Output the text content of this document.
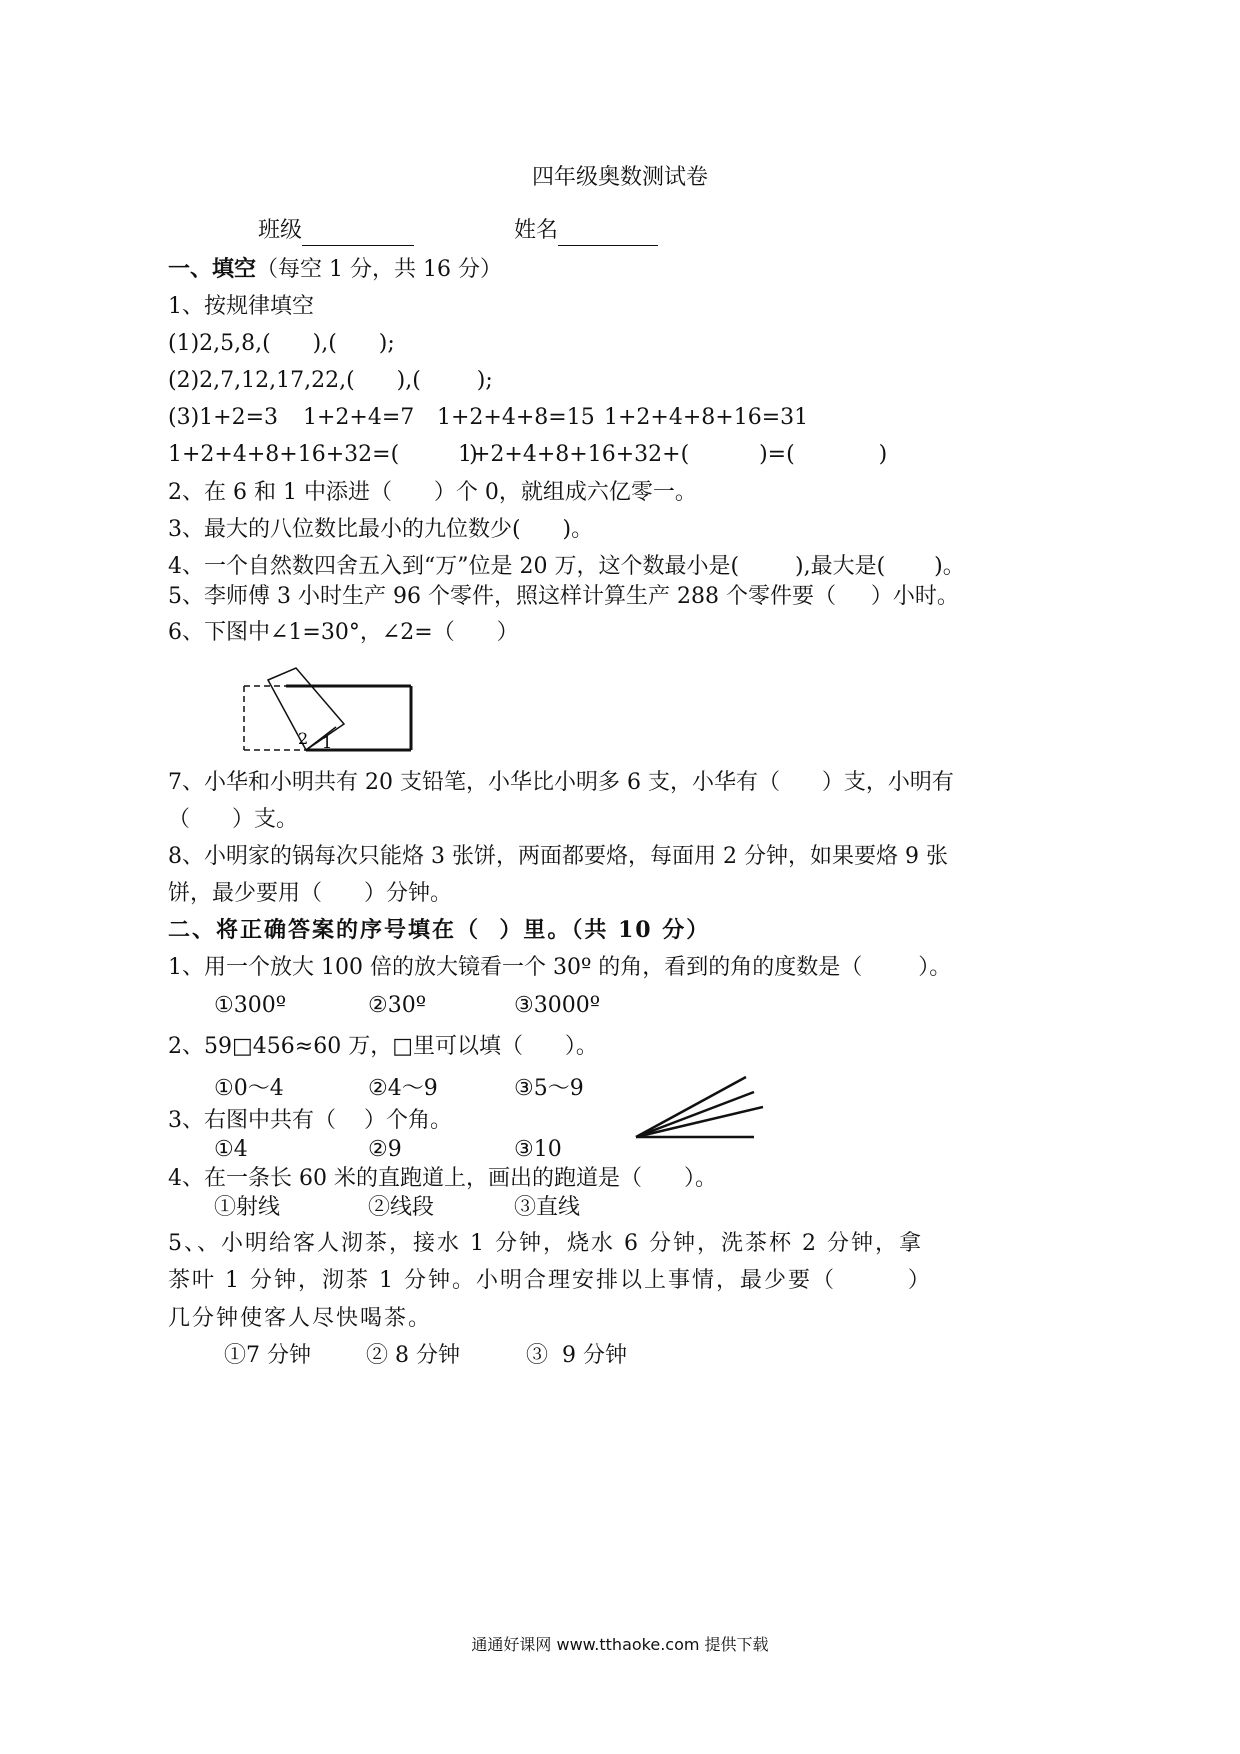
四年级奥数测试卷
班级	姓名
一、填空（每空 1 分，共 16 分）
1、按规律填空
(1)2,5,8,(      ),(      );
(2)2,7,12,17,22,(      ),(        );
(3)1+2=3 1+2+4=7 1+2+4+8=15 1+2+4+8+16=31
1+2+4+8+16+32=(          )
1+2+4+8+16+32+(          )=(            )
2、在 6 和 1 中添进（      ）个 0，就组成六亿零一。
3、最大的八位数比最小的九位数少(      )。
4、一个自然数四舍五入到“万”位是 20 万，这个数最小是(        ),最大是(       )。
5、李师傅 3 小时生产 96 个零件，照这样计算生产 288 个零件要（     ）小时。
6、下图中∠1=30°，∠2=（      ）
2 1
7、小华和小明共有 20 支铅笔，小华比小明多 6 支，小华有（      ）支，小明有
（      ）支。
8、小明家的锅每次只能烙 3 张饼，两面都要烙，每面用 2 分钟，如果要烙 9 张
饼，最少要用（      ）分钟。
二、将正确答案的序号填在（  ）里。（共 10 分）
1、用一个放大 100 倍的放大镜看一个 30º 的角，看到的角的度数是（        ）。
①300º	②30º	③3000º
2、59□456≈60 万，□里可以填（      ）。
①0～4	②4～9	③5～9
3、右图中共有（    ）个角。
①4	②9	③10
4、在一条长 60 米的直跑道上，画出的跑道是（      ）。
①射线	②线段	③直线
5、、小明给客人沏茶，接水 1 分钟，烧水 6 分钟，洗茶杯 2 分钟，拿
茶叶 1 分钟，沏茶 1 分钟。小明合理安排以上事情，最少要（        ）
几分钟使客人尽快喝茶。
①7 分钟	② 8 分钟	③  9 分钟
通通好课网 www.tthaoke.com 提供下载
